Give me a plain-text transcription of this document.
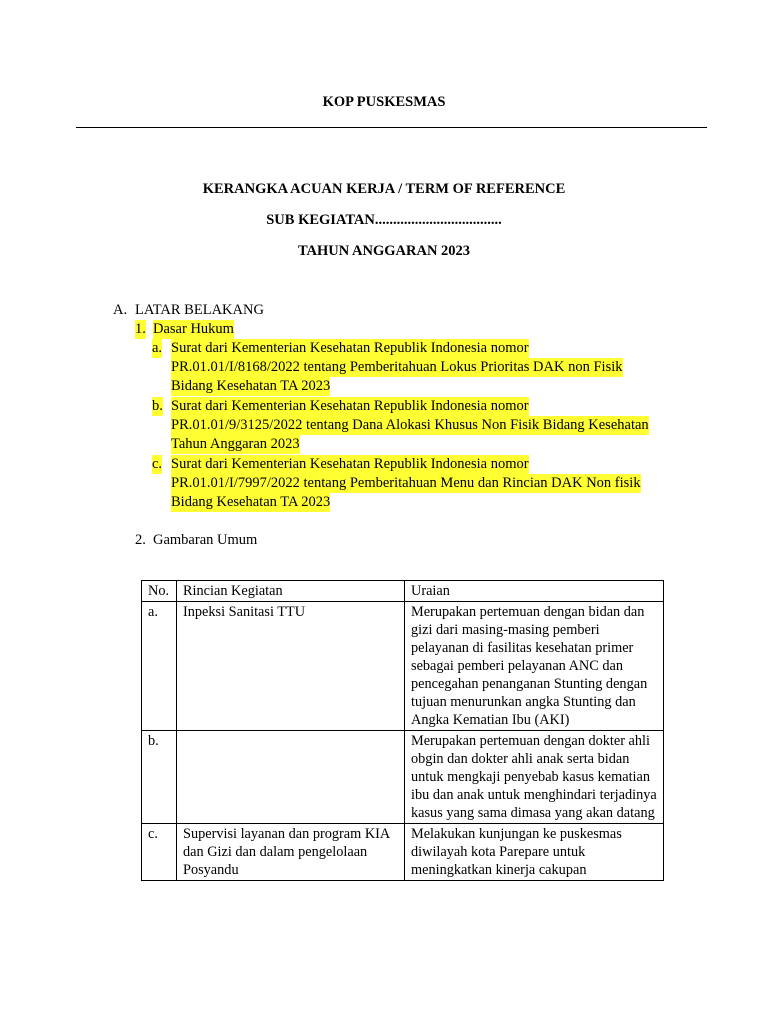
KOP PUSKESMAS
KERANGKA ACUAN KERJA / TERM OF REFERENCE
SUB KEGIATAN...................................
TAHUN ANGGARAN 2023
A. LATAR BELAKANG
1. Dasar Hukum
a. Surat dari Kementerian Kesehatan Republik Indonesia nomor
PR.01.01/I/8168/2022 tentang Pemberitahuan Lokus Prioritas DAK non Fisik
Bidang Kesehatan TA 2023
b. Surat dari Kementerian Kesehatan Republik Indonesia nomor
PR.01.01/9/3125/2022 tentang Dana Alokasi Khusus Non Fisik Bidang Kesehatan
Tahun Anggaran 2023
c. Surat dari Kementerian Kesehatan Republik Indonesia nomor
PR.01.01/I/7997/2022 tentang Pemberitahuan Menu dan Rincian DAK Non fisik
Bidang Kesehatan TA 2023
2. Gambaran Umum
No.	Rincian Kegiatan	Uraian
a.	Inpeksi Sanitasi TTU	Merupakan pertemuan dengan bidan dan gizi dari masing-masing pemberi pelayanan di fasilitas kesehatan primer sebagai pemberi pelayanan ANC dan pencegahan penanganan Stunting dengan tujuan menurunkan angka Stunting dan Angka Kematian Ibu (AKI)
b.		Merupakan pertemuan dengan dokter ahli obgin dan dokter ahli anak serta bidan untuk mengkaji penyebab kasus kematian ibu dan anak untuk menghindari terjadinya kasus yang sama dimasa yang akan datang
c.	Supervisi layanan dan program KIA dan Gizi dan dalam pengelolaan Posyandu	Melakukan kunjungan ke puskesmas diwilayah kota Parepare untuk meningkatkan kinerja cakupan
